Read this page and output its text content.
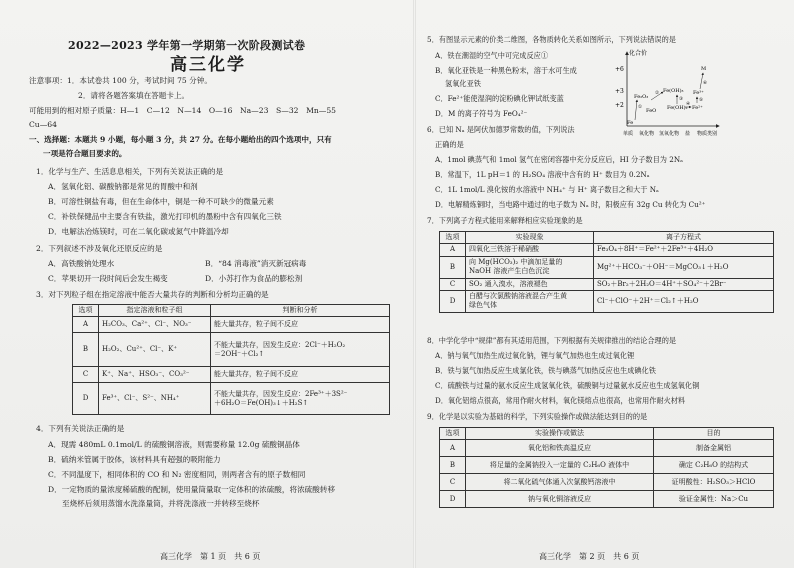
2022—2023 学年第一学期第一次阶段测试卷
高三化学
注意事项：1．本试卷共 100 分，考试时间 75 分钟。
2．请将各题答案填在答题卡上。
可能用到的相对原子质量：H—1　C—12　N—14　O—16　Na—23　S—32　Mn—55
Cu—64
一、选择题：本题共 9 小题，每小题 3 分，共 27 分。在每小题给出的四个选项中，只有
一项是符合题目要求的。
1．化学与生产、生活息息相关，下列有关说法正确的是
A．氢氧化铝、碳酸钠都是常见的胃酸中和剂
B．可溶性铜盐有毒，但在生命体中，铜是一种不可缺少的微量元素
C．补铁保健品中主要含有铁盐，激光打印机的墨粉中含有四氧化三铁
D．电解法冶炼镁时，可在二氧化碳或氮气中降温冷却
2．下列叙述不涉及氧化还原反应的是
A．高铁酸钠处理水	B．“84 消毒液”消灭新冠病毒
C．苹果切开一段时间后会发生褐变	D．小苏打作为食品的膨松剂
3．对下列粒子组在指定溶液中能否大量共存的判断和分析均正确的是
选项	指定溶液和粒子组	判断和分析
A	H₂CO₃、Ca²⁺、Cl⁻、NO₃⁻	能大量共存，粒子间不反应
B	H₂O₂、Cu²⁺、Cl⁻、K⁺	不能大量共存，因发生反应：2Cl⁻＋H₂O₂
＝2OH⁻＋Cl₂↑

C	K⁺、Na⁺、HSO₃⁻、CO₃²⁻	能大量共存，粒子间不反应
D	Fe³⁺、Cl⁻、S²⁻、NH₄⁺	不能大量共存，因发生反应：2Fe³⁺＋3S²⁻
＋6H₂O＝Fe(OH)₃↓＋H₂S↑
4．下列有关说法正确的是
A．现需 480mL 0.1mol/L 的硫酸铜溶液，则需要称量 12.0g 硫酸铜晶体
B．硫纳米管属于胶体，该材料具有超强的吸附能力
C．不同温度下，相同体积的 CO 和 N₂ 密度相同，则两者含有的原子数相同
D．一定物质的量浓度稀硫酸的配制，使用量筒量取一定体积的浓硫酸，将浓硫酸转移
至烧杯后须用蒸馏水洗涤量筒，并将洗涤液一并转移至烧杯
高三化学　第 1 页　共 6 页
5．有图显示元素的价类二维图，各物质转化关系如图所示，下列说法错误的是
A．铁在潮湿的空气中可完成反应①
B．氧化亚铁是一种黑色粉末，溶于水可生成
氢氧化亚铁
C．Fe²⁺能使湿润的淀粉碘化钾试纸变蓝
D．M 的离子符号为 FeO₄²⁻
6．已知 Nₐ 是阿伏加德罗常数的值，下列说法
正确的是
A．1mol 碘蒸气和 1mol 氢气在密闭容器中充分反应后，HI 分子数目为 2Nₐ
B．常温下，1L pH＝1 的 H₂SO₄ 溶液中含有的 H⁺ 数目为 0.2Nₐ
C．1L 1mol/L 溴化铵的水溶液中 NH₄⁺ 与 H⁺ 离子数目之和大于 Nₐ
D．电解精炼铜时，当电路中通过的电子数为 Nₐ 时，阳极应有 32g Cu 转化为 Cu²⁺
7．下列离子方程式能用来解释相应实验现象的是
选项	实验现象	离子方程式
A	四氧化三铁溶于稀硝酸	Fe₃O₄＋8H⁺＝Fe²⁺＋2Fe³⁺＋4H₂O
B	向 Mg(HCO₃)₂ 中滴加足量的
NaOH 溶液产生白色沉淀	Mg²⁺＋HCO₃⁻＋OH⁻＝MgCO₃↓＋H₂O
C	SO₂ 通入溴水，溶液褪色	SO₂＋Br₂＋2H₂O＝4H⁺＋SO₄²⁻＋2Br⁻
D	白醋与次氯酸钠溶液混合产生黄
绿色气体	Cl⁻＋ClO⁻＋2H⁺＝Cl₂↑＋H₂O
8．中学化学中“规律”都有其适用范围，下列根据有关规律推出的结论合理的是
A．钠与氧气加热生成过氧化钠，锂与氧气加热也生成过氧化锂
B．铁与氯气加热反应生成氯化铁，铁与碘蒸气加热反应也生成碘化铁
C．硫酸铁与过量的氨水反应生成氢氧化铁，硫酸铜与过量氨水反应也生成氢氧化铜
D．氧化铝熔点很高，常用作耐火材料，氧化镁熔点也很高，也常用作耐火材料
9．化学是以实验为基础的科学，下列实验操作或做法能达到目的的是
选项	实验操作或做法	目的
A	氧化铝和铁高温反应	制备金属铝
B	将足量的金属钠投入一定量的 C₂H₆O 液体中	确定 C₂H₆O 的结构式
C	将二氧化硫气体通入次氯酸钙溶液中	证明酸性：H₂SO₃＞HClO
D	钠与氧化铜溶液反应	验证金属性：Na＞Cu
高三化学　第 2 页　共 6 页
化合价
+6
+3
+2
单质 氧化物 氢氧化物 盐 物质类别
Fe
FeO
Fe₂O₃
Fe(OH)₂
Fe(OH)₃
Fe²⁺
Fe³⁺
M
①
②
③
④
⑤
⑥
